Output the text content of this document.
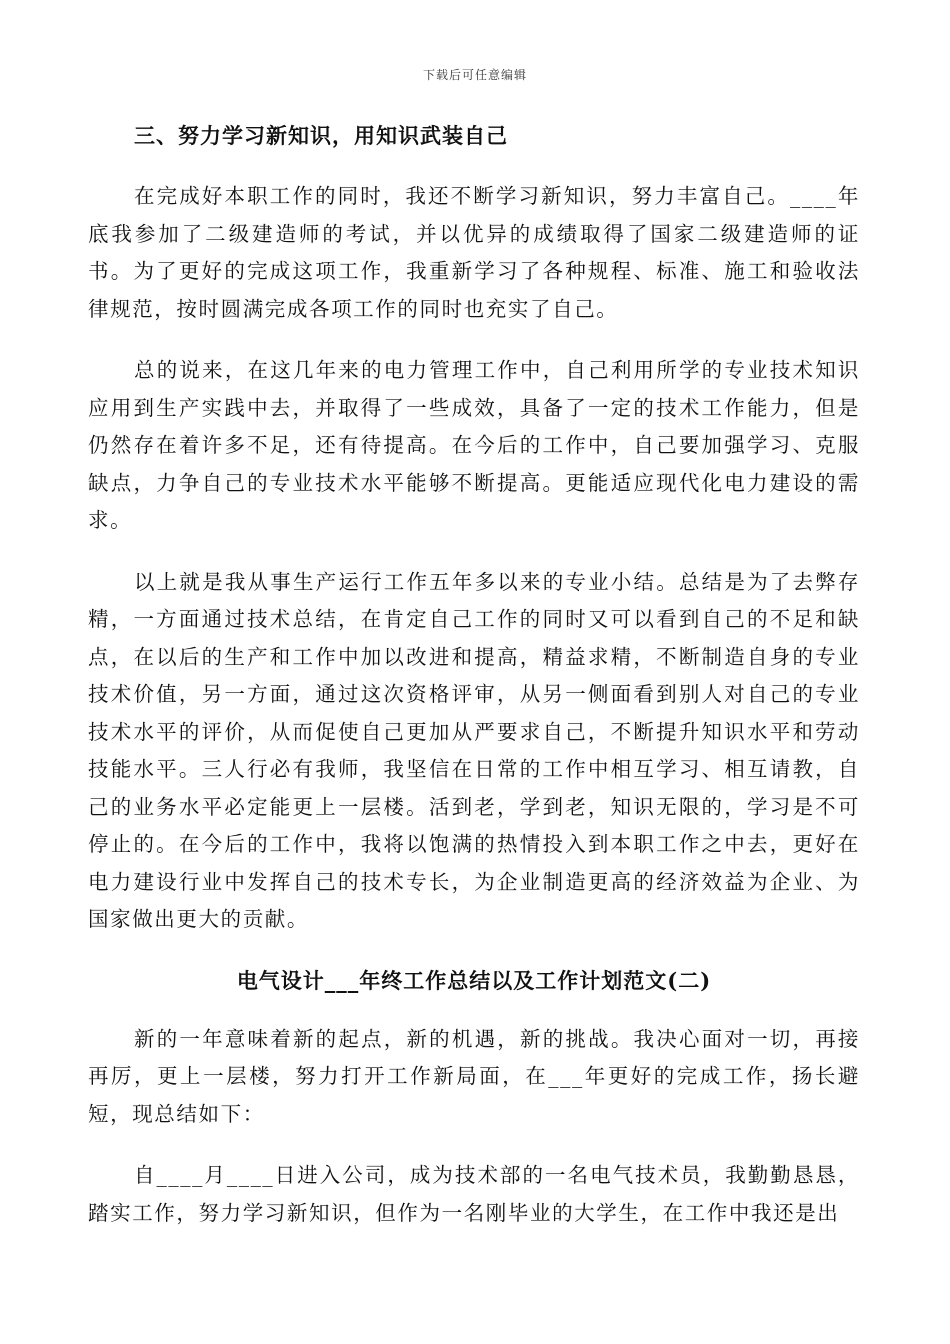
下载后可任意编辑
三、努力学习新知识，用知识武装自己

在完成好本职工作的同时，我还不断学习新知识，努力丰富自己。____年底我参加了二级建造师的考试，并以优异的成绩取得了国家二级建造师的证书。为了更好的完成这项工作，我重新学习了各种规程、标准、施工和验收法律规范，按时圆满完成各项工作的同时也充实了自己。

总的说来，在这几年来的电力管理工作中，自己利用所学的专业技术知识应用到生产实践中去，并取得了一些成效，具备了一定的技术工作能力，但是仍然存在着许多不足，还有待提高。在今后的工作中，自己要加强学习、克服缺点，力争自己的专业技术水平能够不断提高。更能适应现代化电力建设的需求。

以上就是我从事生产运行工作五年多以来的专业小结。总结是为了去弊存精，一方面通过技术总结，在肯定自己工作的同时又可以看到自己的不足和缺点，在以后的生产和工作中加以改进和提高，精益求精，不断制造自身的专业技术价值，另一方面，通过这次资格评审，从另一侧面看到别人对自己的专业技术水平的评价，从而促使自己更加从严要求自己，不断提升知识水平和劳动技能水平。三人行必有我师，我坚信在日常的工作中相互学习、相互请教，自己的业务水平必定能更上一层楼。活到老，学到老，知识无限的，学习是不可停止的。在今后的工作中，我将以饱满的热情投入到本职工作之中去，更好在电力建设行业中发挥自己的技术专长，为企业制造更高的经济效益为企业、为国家做出更大的贡献。

电气设计___年终工作总结以及工作计划范文(二)

新的一年意味着新的起点，新的机遇，新的挑战。我决心面对一切，再接再厉，更上一层楼，努力打开工作新局面，在___年更好的完成工作，扬长避短，现总结如下：

自____月____日进入公司，成为技术部的一名电气技术员，我勤勤恳恳，踏实工作，努力学习新知识，但作为一名刚毕业的大学生，在工作中我还是出
